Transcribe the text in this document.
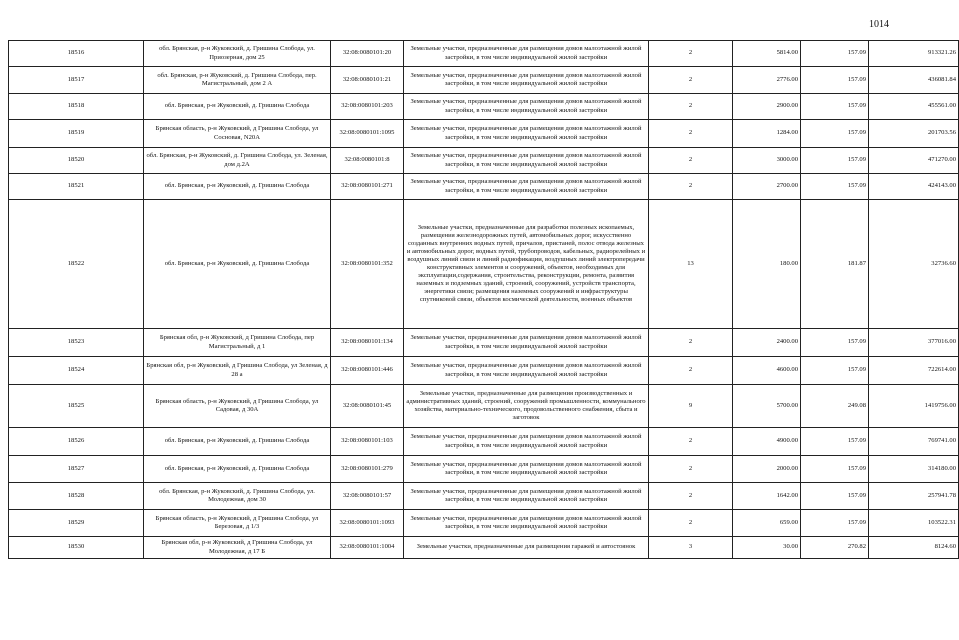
1014
18516	обл. Брянская, р-н Жуковский, д. Гришина Слобода, ул. Приозерная, дом 25	32:08:0080101:20	Земельные участки, предназначенные для размещения домов малоэтажной жилой застройки, в том числе индивидуальной жилой застройки	2	5814.00	157.09	913321.26
18517	обл. Брянская, р-н Жуковский, д. Гришина Слобода, пер. Магистральный, дом 2 А	32:08:0080101:21	Земельные участки, предназначенные для размещения домов малоэтажной жилой застройки, в том числе индивидуальной жилой застройки	2	2776.00	157.09	436081.84
18518	обл. Брянская, р-н Жуковский, д. Гришина Слобода	32:08:0080101:203	Земельные участки, предназначенные для размещения домов малоэтажной жилой застройки, в том числе индивидуальной жилой застройки	2	2900.00	157.09	455561.00
18519	Брянская область, р-н Жуковский, д Гришина Слобода, ул Сосновая, N20А	32:08:0080101:1095	Земельные участки, предназначенные для размещения домов малоэтажной жилой застройки, в том числе индивидуальной жилой застройки	2	1284.00	157.09	201703.56
18520	обл. Брянская, р-н Жуковский, д. Гришина Слобода, ул. Зеленая, дом д.2А	32:08:0080101:8	Земельные участки, предназначенные для размещения домов малоэтажной жилой застройки, в том числе индивидуальной жилой застройки	2	3000.00	157.09	471270.00
18521	обл. Брянская, р-н Жуковский, д. Гришина Слобода	32:08:0080101:271	Земельные участки, предназначенные для размещения домов малоэтажной жилой застройки, в том числе индивидуальной жилой застройки	2	2700.00	157.09	424143.00
18522	обл. Брянская, р-н Жуковский, д. Гришина Слобода	32:08:0080101:352	Земельные участки, предназначенные для разработки полезных ископаемых, размещения железнодорожных путей, автомобильных дорог, искусственно созданных внутренних водных путей, причалов, пристаней, полос отвода железных и автомобильных дорог, водных путей, трубопроводов, кабельных, радиорелейных и воздушных линий связи и линий радиофикации, воздушных линий электропередачи конструктивных элементов и сооружений, объектов, необходимых для эксплуатации,содержания, строительства, реконструкции, ремонта, развития наземных и подземных зданий, строений, сооружений, устройств транспорта, энергетики связи; размещения наземных сооружений и инфраструктуры спутниковой связи, объектов космической деятельности, военных объектов	13	180.00	181.87	32736.60
18523	Брянская обл, р-н Жуковский, д Гришина Слобода, пер Магистральный, д 1	32:08:0080101:134	Земельные участки, предназначенные для размещения домов малоэтажной жилой застройки, в том числе индивидуальной жилой застройки	2	2400.00	157.09	377016.00
18524	Брянская обл, р-н Жуковский, д Гришина Слобода, ул Зеленая, д 28 а	32:08:0080101:446	Земельные участки, предназначенные для размещения домов малоэтажной жилой застройки, в том числе индивидуальной жилой застройки	2	4600.00	157.09	722614.00
18525	Брянская область, р-н Жуковский, д Гришина Слобода, ул Садовая, д 30А	32:08:0080101:45	Земельные участки, предназначенные для размещения производственных и административных зданий, строений, сооружений промышленности, коммунального хозяйства, материально-технического, продовольственного снабжения, сбыта и заготовок	9	5700.00	249.08	1419756.00
18526	обл. Брянская, р-н Жуковский, д. Гришина Слобода	32:08:0080101:103	Земельные участки, предназначенные для размещения домов малоэтажной жилой застройки, в том числе индивидуальной жилой застройки	2	4900.00	157.09	769741.00
18527	обл. Брянская, р-н Жуковский, д. Гришина Слобода	32:08:0080101:279	Земельные участки, предназначенные для размещения домов малоэтажной жилой застройки, в том числе индивидуальной жилой застройки	2	2000.00	157.09	314180.00
18528	обл. Брянская, р-н Жуковский, д. Гришина Слобода, ул. Молодежная, дом 30	32:08:0080101:57	Земельные участки, предназначенные для размещения домов малоэтажной жилой застройки, в том числе индивидуальной жилой застройки	2	1642.00	157.09	257941.78
18529	Брянская область, р-н Жуковский, д Гришина Слобода, ул Березовая, д 1/3	32:08:0080101:1093	Земельные участки, предназначенные для размещения домов малоэтажной жилой застройки, в том числе индивидуальной жилой застройки	2	659.00	157.09	103522.31
18530	Брянская обл, р-н Жуковский, д Гришина Слобода, ул Молодежная, д 17 Б	32:08:0080101:1004	Земельные участки, предназначенные для размещения гаражей и автостоянок	3	30.00	270.82	8124.60
